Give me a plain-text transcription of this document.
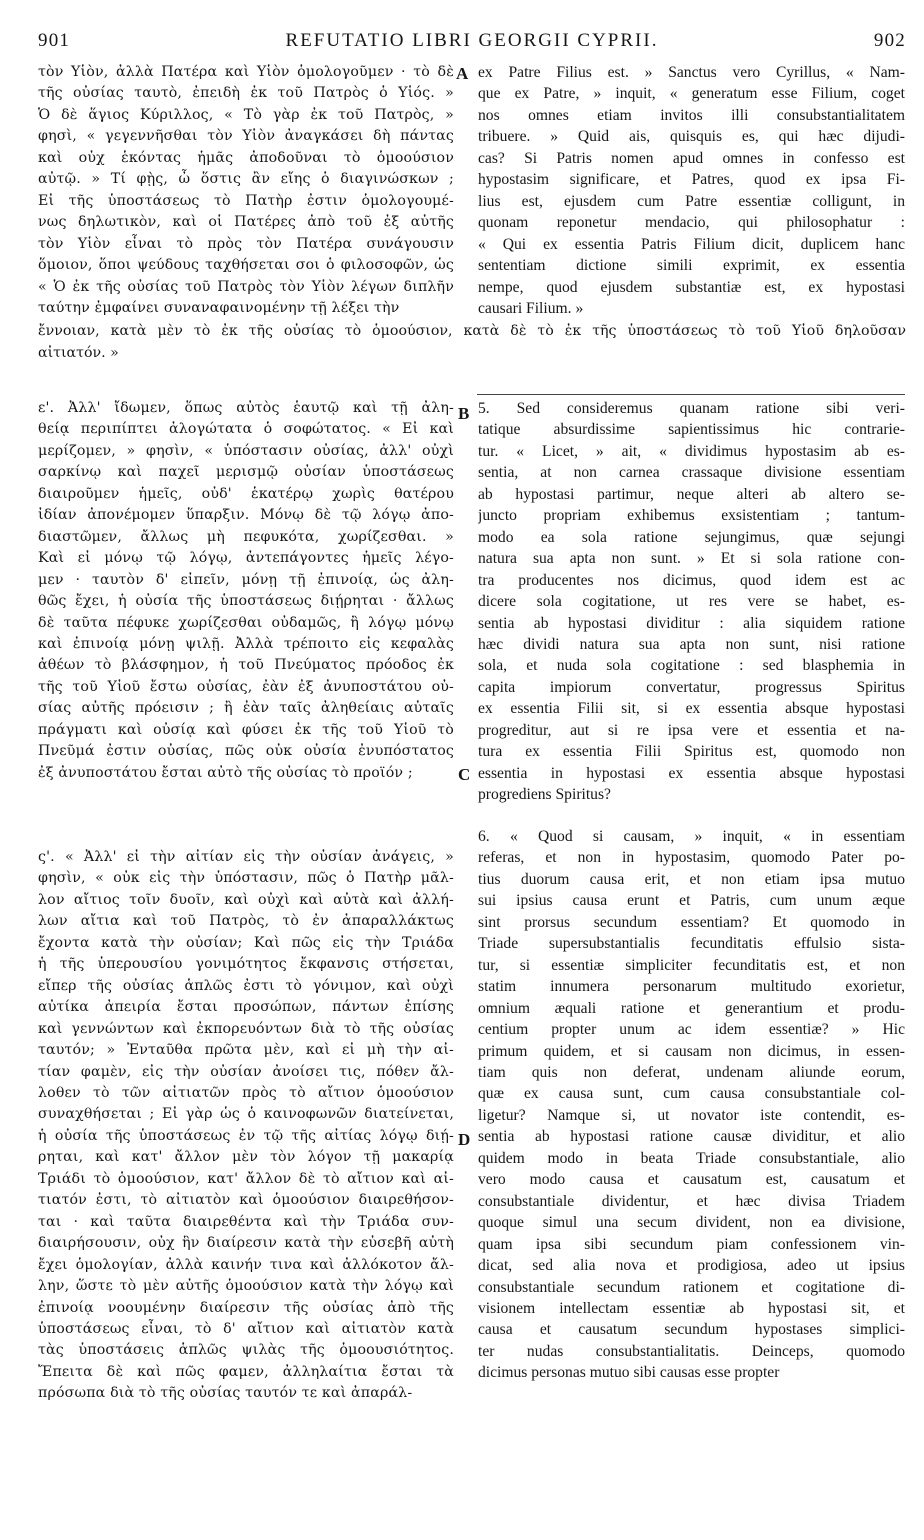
901	REFUTATIO LIBRI GEORGII CYPRII.	902
A
B
C
D
τὸν Υἱὸν, ἀλλὰ Πατέρα καὶ Υἱὸν ὁμολογοῦμεν · τὸ δὲ
τῆς οὐσίας ταυτὸ, ἐπειδὴ ἐκ τοῦ Πατρὸς ὁ Υἱός. »
Ὁ δὲ ἅγιος Κύριλλος, « Τὸ γὰρ ἐκ τοῦ Πατρὸς, »
φησὶ, « γεγεννῆσθαι τὸν Υἱὸν ἀναγκάσει δὴ πάντας
καὶ οὐχ ἑκόντας ἡμᾶς ἀποδοῦναι τὸ ὁμοούσιον
αὐτῷ. » Τί φῂς, ὦ ὅστις ἂν εἴης ὁ διαγινώσκων ;
Εἰ τῆς ὑποστάσεως τὸ Πατὴρ ἐστιν ὁμολογουμέ-
νως δηλωτικὸν, καὶ οἱ Πατέρες ἀπὸ τοῦ ἐξ αὐτῆς
τὸν Υἱὸν εἶναι τὸ πρὸς τὸν Πατέρα συνάγουσιν
ὅμοιον, ὅποι ψεύδους ταχθήσεται σοι ὁ φιλοσοφῶν, ὡς
« Ὁ ἐκ τῆς οὐσίας τοῦ Πατρὸς τὸν Υἱὸν λέγων διπλῆν
ταύτην ἐμφαίνει συναναφαινομένην τῇ λέξει τὴν
ex Patre Filius est. » Sanctus vero Cyrillus, « Nam-
que ex Patre, » inquit, « generatum esse Filium, coget
nos omnes etiam invitos illi consubstantialitatem
tribuere. » Quid ais, quisquis es, qui hæc dijudi-
cas? Si Patris nomen apud omnes in confesso est
hypostasim significare, et Patres, quod ex ipsa Fi-
lius est, ejusdem cum Patre essentiæ colligunt, in
quonam reponetur mendacio, qui philosophatur :
« Qui ex essentia Patris Filium dicit, duplicem hanc
sententiam dictione simili exprimit, ex essentia
nempe, quod ejusdem substantiæ est, ex hypostasi
causari Filium. »
ἔννοιαν, κατὰ μὲν τὸ ἐκ τῆς οὐσίας τὸ ὁμοούσιον, κατὰ δὲ τὸ ἐκ τῆς ὑποστάσεως τὸ τοῦ Υἱοῦ δηλοῦσαν
αἰτιατόν. »
ε'. Ἀλλ' ἴδωμεν, ὅπως αὐτὸς ἑαυτῷ καὶ τῇ ἀλη-
θείᾳ περιπίπτει ἀλογώτατα ὁ σοφώτατος. « Εἰ καὶ
μερίζομεν, » φησὶν, « ὑπόστασιν οὐσίας, ἀλλ' οὐχὶ
σαρκίνῳ καὶ παχεῖ μερισμῷ οὐσίαν ὑποστάσεως
διαιροῦμεν ἡμεῖς, οὐδ' ἑκατέρῳ χωρὶς θατέρου
ἰδίαν ἀπονέμομεν ὕπαρξιν. Μόνῳ δὲ τῷ λόγῳ ἀπο-
διαστῶμεν, ἄλλως μὴ πεφυκότα, χωρίζεσθαι. »
Καὶ εἰ μόνῳ τῷ λόγῳ, ἀντεπάγοντες ἡμεῖς λέγο-
μεν · ταυτὸν δ' εἰπεῖν, μόνῃ τῇ ἐπινοίᾳ, ὡς ἀλη-
θῶς ἔχει, ἡ οὐσία τῆς ὑποστάσεως διῄρηται · ἄλλως
δὲ ταῦτα πέφυκε χωρίζεσθαι οὐδαμῶς, ἢ λόγῳ μόνῳ
καὶ ἐπινοίᾳ μόνῃ ψιλῇ. Ἀλλὰ τρέποιτο εἰς κεφαλὰς
ἀθέων τὸ βλάσφημον, ἡ τοῦ Πνεύματος πρόοδος ἐκ
τῆς τοῦ Υἱοῦ ἔστω οὐσίας, ἐὰν ἐξ ἀνυποστάτου οὐ-
σίας αὐτῆς πρόεισιν ; ἢ ἐὰν ταῖς ἀληθείαις αὐταῖς
πράγματι καὶ οὐσίᾳ καὶ φύσει ἐκ τῆς τοῦ Υἱοῦ τὸ
Πνεῦμά ἐστιν οὐσίας, πῶς οὐκ οὐσία ἐνυπόστατος
ἐξ ἀνυποστάτου ἔσται αὐτὸ τῆς οὐσίας τὸ προϊόν ;
5. Sed consideremus quanam ratione sibi veri-
tatique absurdissime sapientissimus hic contrarie-
tur. « Licet, » ait, « dividimus hypostasim ab es-
sentia, at non carnea crassaque divisione essentiam
ab hypostasi partimur, neque alteri ab altero se-
juncto propriam exhibemus exsistentiam ; tantum-
modo ea sola ratione sejungimus, quæ sejungi
natura sua apta non sunt. » Et si sola ratione con-
tra producentes nos dicimus, quod idem est ac
dicere sola cogitatione, ut res vere se habet, es-
sentia ab hypostasi dividitur : alia siquidem ratione
hæc dividi natura sua apta non sunt, nisi ratione
sola, et nuda sola cogitatione : sed blasphemia in
capita impiorum convertatur, progressus Spiritus
ex essentia Filii sit, si ex essentia absque hypostasi
progreditur, aut si re ipsa vere et essentia et na-
tura ex essentia Filii Spiritus est, quomodo non
essentia in hypostasi ex essentia absque hypostasi
progrediens Spiritus?
ς'. « Ἀλλ' εἰ τὴν αἰτίαν εἰς τὴν οὐσίαν ἀνάγεις, »
φησὶν, « οὐκ εἰς τὴν ὑπόστασιν, πῶς ὁ Πατὴρ μᾶλ-
λον αἴτιος τοῖν δυοῖν, καὶ οὐχὶ καὶ αὐτὰ καὶ ἀλλή-
λων αἴτια καὶ τοῦ Πατρὸς, τὸ ἐν ἀπαραλλάκτως
ἔχοντα κατὰ τὴν οὐσίαν; Καὶ πῶς εἰς τὴν Τριάδα
ἡ τῆς ὑπερουσίου γονιμότητος ἔκφανσις στήσεται,
εἴπερ τῆς οὐσίας ἁπλῶς ἐστι τὸ γόνιμον, καὶ οὐχὶ
αὐτίκα ἀπειρία ἔσται προσώπων, πάντων ἐπίσης
καὶ γεννώντων καὶ ἐκπορευόντων διὰ τὸ τῆς οὐσίας
ταυτόν; » Ἐνταῦθα πρῶτα μὲν, καὶ εἰ μὴ τὴν αἰ-
τίαν φαμὲν, εἰς τὴν οὐσίαν ἀνοίσει τις, πόθεν ἄλ-
λοθεν τὸ τῶν αἰτιατῶν πρὸς τὸ αἴτιον ὁμοούσιον
συναχθήσεται ; Εἰ γὰρ ὡς ὁ καινοφωνῶν διατείνεται,
ἡ οὐσία τῆς ὑποστάσεως ἐν τῷ τῆς αἰτίας λόγῳ διῄ-
ρηται, καὶ κατ' ἄλλον μὲν τὸν λόγον τῇ μακαρίᾳ
Τριάδι τὸ ὁμοούσιον, κατ' ἄλλον δὲ τὸ αἴτιον καὶ αἰ-
τιατόν ἐστι, τὸ αἰτιατὸν καὶ ὁμοούσιον διαιρεθήσον-
ται · καὶ ταῦτα διαιρεθέντα καὶ τὴν Τριάδα συν-
διαιρήσουσιν, οὐχ ἣν διαίρεσιν κατὰ τὴν εὐσεβῆ αὐτὴ
ἔχει ὁμολογίαν, ἀλλὰ καινήν τινα καὶ ἀλλόκοτον ἄλ-
λην, ὥστε τὸ μὲν αὐτῆς ὁμοούσιον κατὰ τὴν λόγῳ καὶ
ἐπινοίᾳ νοουμένην διαίρεσιν τῆς οὐσίας ἀπὸ τῆς
ὑποστάσεως εἶναι, τὸ δ' αἴτιον καὶ αἰτιατὸν κατὰ
τὰς ὑποστάσεις ἁπλῶς ψιλὰς τῆς ὁμοουσιότητος.
Ἔπειτα δὲ καὶ πῶς φαμεν, ἀλληλαίτια ἔσται τὰ
πρόσωπα διὰ τὸ τῆς οὐσίας ταυτόν τε καὶ ἀπαράλ-
6. « Quod si causam, » inquit, « in essentiam
referas, et non in hypostasim, quomodo Pater po-
tius duorum causa erit, et non etiam ipsa mutuo
sui ipsius causa erunt et Patris, cum unum æque
sint prorsus secundum essentiam? Et quomodo in
Triade supersubstantialis fecunditatis effulsio sista-
tur, si essentiæ simpliciter fecunditatis est, et non
statim innumera personarum multitudo exorietur,
omnium æquali ratione et generantium et produ-
centium propter unum ac idem essentiæ? » Hic
primum quidem, et si causam non dicimus, in essen-
tiam quis non deferat, undenam aliunde eorum,
quæ ex causa sunt, cum causa consubstantiale col-
ligetur? Namque si, ut novator iste contendit, es-
sentia ab hypostasi ratione causæ dividitur, et alio
quidem modo in beata Triade consubstantiale, alio
vero modo causa et causatum est, causatum et
consubstantiale dividentur, et hæc divisa Triadem
quoque simul una secum divident, non ea divisione,
quam ipsa sibi secundum piam confessionem vin-
dicat, sed alia nova et prodigiosa, adeo ut ipsius
consubstantiale secundum rationem et cogitatione di-
visionem intellectam essentiæ ab hypostasi sit, et
causa et causatum secundum hypostases simplici-
ter nudas consubstantialitatis. Deinceps, quomodo
dicimus personas mutuo sibi causas esse propter
